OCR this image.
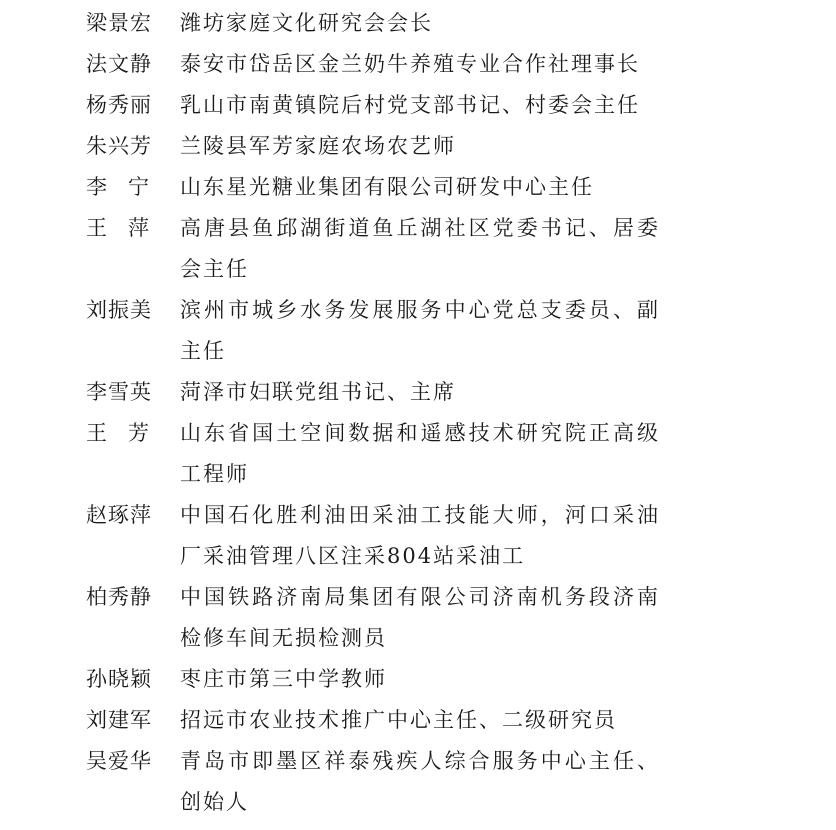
梁景宏	潍坊家庭文化研究会会长
法文静	泰安市岱岳区金兰奶牛养殖专业合作社理事长
杨秀丽	乳山市南黄镇院后村党支部书记、村委会主任
朱兴芳	兰陵县军芳家庭农场农艺师
李　宁	山东星光糖业集团有限公司研发中心主任
王　萍	高唐县鱼邱湖街道鱼丘湖社区党委书记、居委会主任
刘振美	滨州市城乡水务发展服务中心党总支委员、副主任
李雪英	菏泽市妇联党组书记、主席
王　芳	山东省国土空间数据和遥感技术研究院正高级工程师
赵琢萍	中国石化胜利油田采油工技能大师，河口采油厂采油管理八区注采804站采油工
柏秀静	中国铁路济南局集团有限公司济南机务段济南检修车间无损检测员
孙晓颖	枣庄市第三中学教师
刘建军	招远市农业技术推广中心主任、二级研究员
吴爱华	青岛市即墨区祥泰残疾人综合服务中心主任、创始人
